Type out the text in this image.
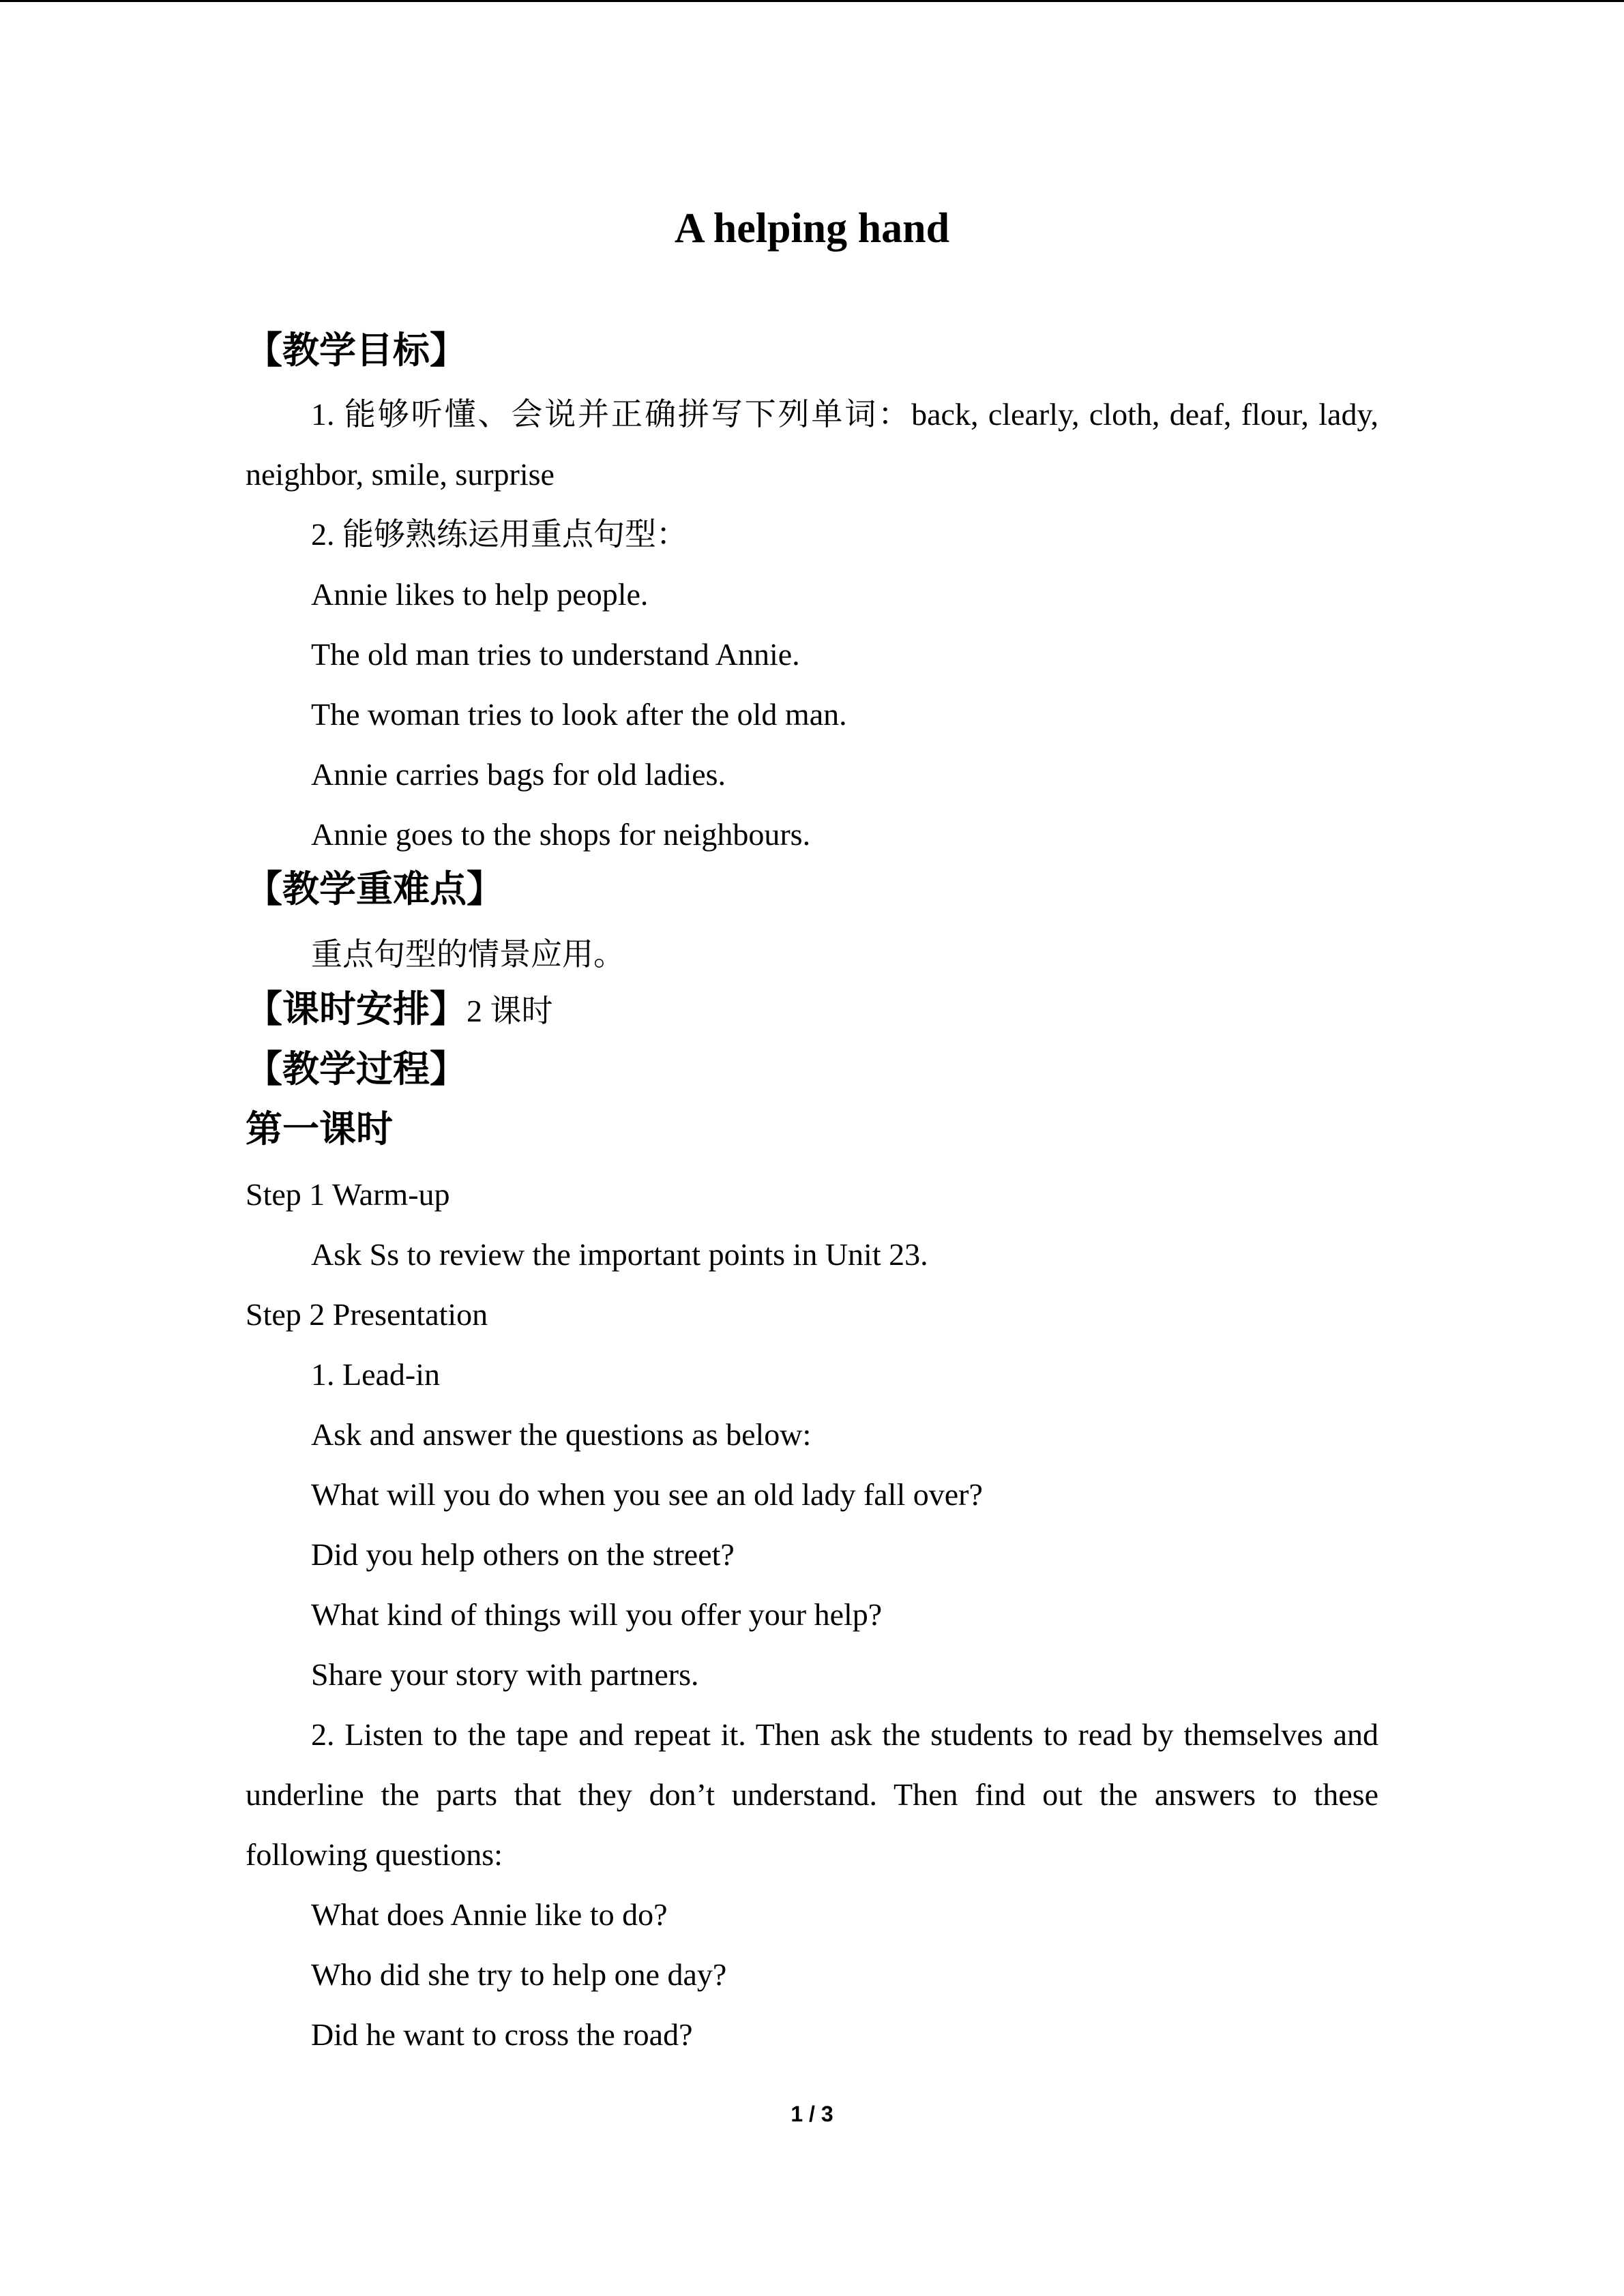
A helping hand
【教学目标】
1. 能够听懂、会说并正确拼写下列单词：back, clearly, cloth, deaf, flour, lady,
neighbor, smile, surprise
2. 能够熟练运用重点句型：
Annie likes to help people.
The old man tries to understand Annie.
The woman tries to look after the old man.
Annie carries bags for old ladies.
Annie goes to the shops for neighbours.
【教学重难点】
重点句型的情景应用。
【课时安排】2 课时
【教学过程】
第一课时
Step 1 Warm-up
Ask Ss to review the important points in Unit 23.
Step 2 Presentation
1. Lead-in
Ask and answer the questions as below:
What will you do when you see an old lady fall over?
Did you help others on the street?
What kind of things will you offer your help?
Share your story with partners.
2. Listen to the tape and repeat it. Then ask the students to read by themselves and
underline the parts that they don’t understand. Then find out the answers to these
following questions:
What does Annie like to do?
Who did she try to help one day?
Did he want to cross the road?
1 / 3
